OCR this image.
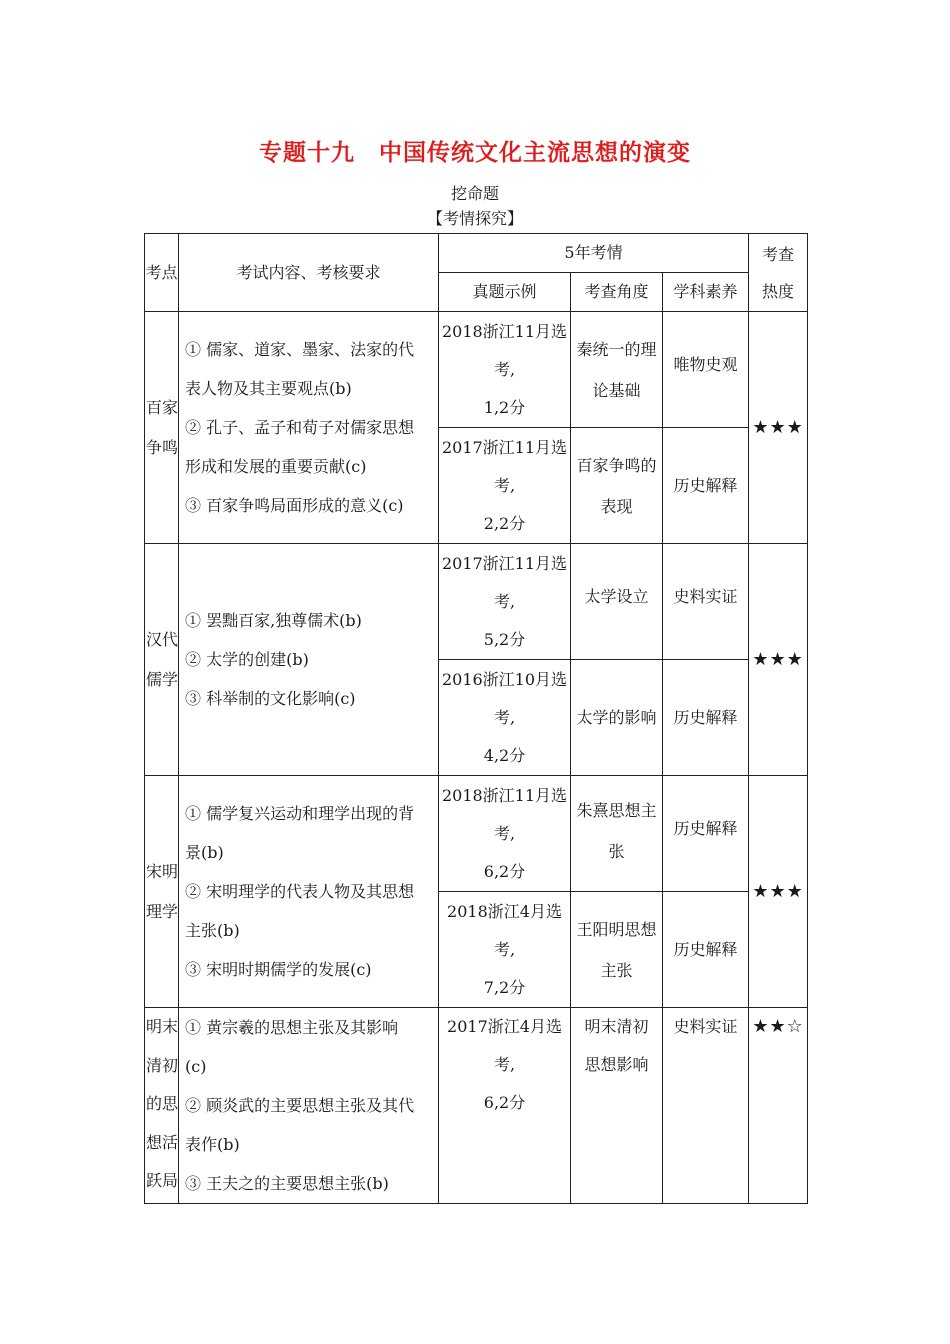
专题十九　中国传统文化主流思想的演变
挖命题
【考情探究】
考点	考试内容、考核要求	5年考情			考查
热度

		真题示例	考查角度	学科素养	

百家争鸣	① 儒家、道家、墨家、法家的代
表人物及其主要观点(b)
② 孔子、孟子和荀子对儒家思想
形成和发展的重要贡献(c)
③ 百家争鸣局面形成的意义(c)	2018浙江11月选
考,
1,2分	秦统一的理论基础	唯物史观	★★★

		2017浙江11月选
考,
2,2分	百家争鸣的表现	历史解释	

汉代儒学	① 罢黜百家,独尊儒术(b)
② 太学的创建(b)
③ 科举制的文化影响(c)	2017浙江11月选
考,
5,2分	太学设立	史料实证	★★★

		2016浙江10月选
考,
4,2分	太学的影响	历史解释	

宋明理学	① 儒学复兴运动和理学出现的背
景(b)
② 宋明理学的代表人物及其思想
主张(b)
③ 宋明时期儒学的发展(c)	2018浙江11月选
考,
6,2分	朱熹思想主张	历史解释	★★★

		2018浙江4月选
考,
7,2分	王阳明思想主张	历史解释	

明末清初的思想活跃局	① 黄宗羲的思想主张及其影响
(c)
② 顾炎武的主要思想主张及其代
表作(b)
③ 王夫之的主要思想主张(b)	2017浙江4月选
考,
6,2分	明末清初思想影响	史料实证	★★☆
